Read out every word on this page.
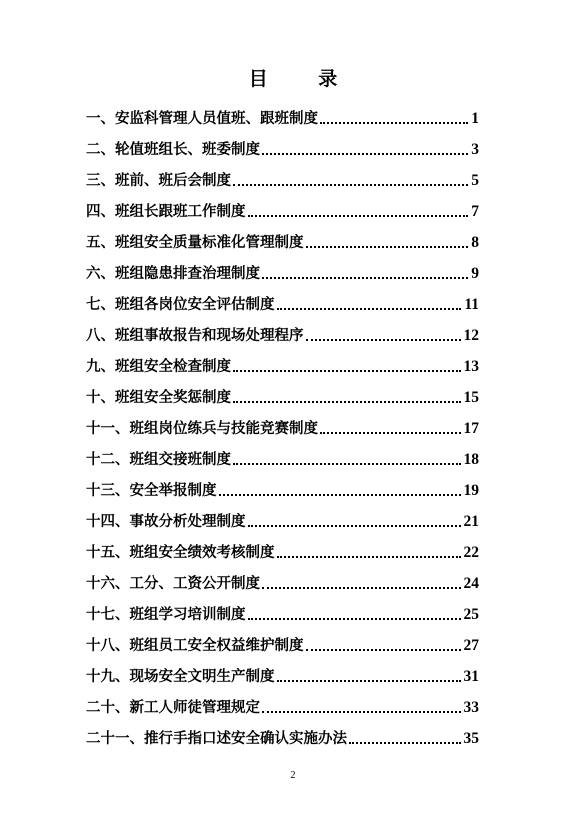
目 录
一、安监科管理人员值班、跟班制度	1
二、轮值班组长、班委制度	3
三、班前、班后会制度	5
四、班组长跟班工作制度	7
五、班组安全质量标准化管理制度	8
六、班组隐患排查治理制度	9
七、班组各岗位安全评估制度	11
八、班组事故报告和现场处理程序	12
九、班组安全检查制度	13
十、班组安全奖惩制度	15
十一、班组岗位练兵与技能竞赛制度	17
十二、班组交接班制度	18
十三、安全举报制度	19
十四、事故分析处理制度	21
十五、班组安全绩效考核制度	22
十六、工分、工资公开制度	24
十七、班组学习培训制度	25
十八、班组员工安全权益维护制度	27
十九、现场安全文明生产制度	31
二十、新工人师徒管理规定	33
二十一、推行手指口述安全确认实施办法	35
2
